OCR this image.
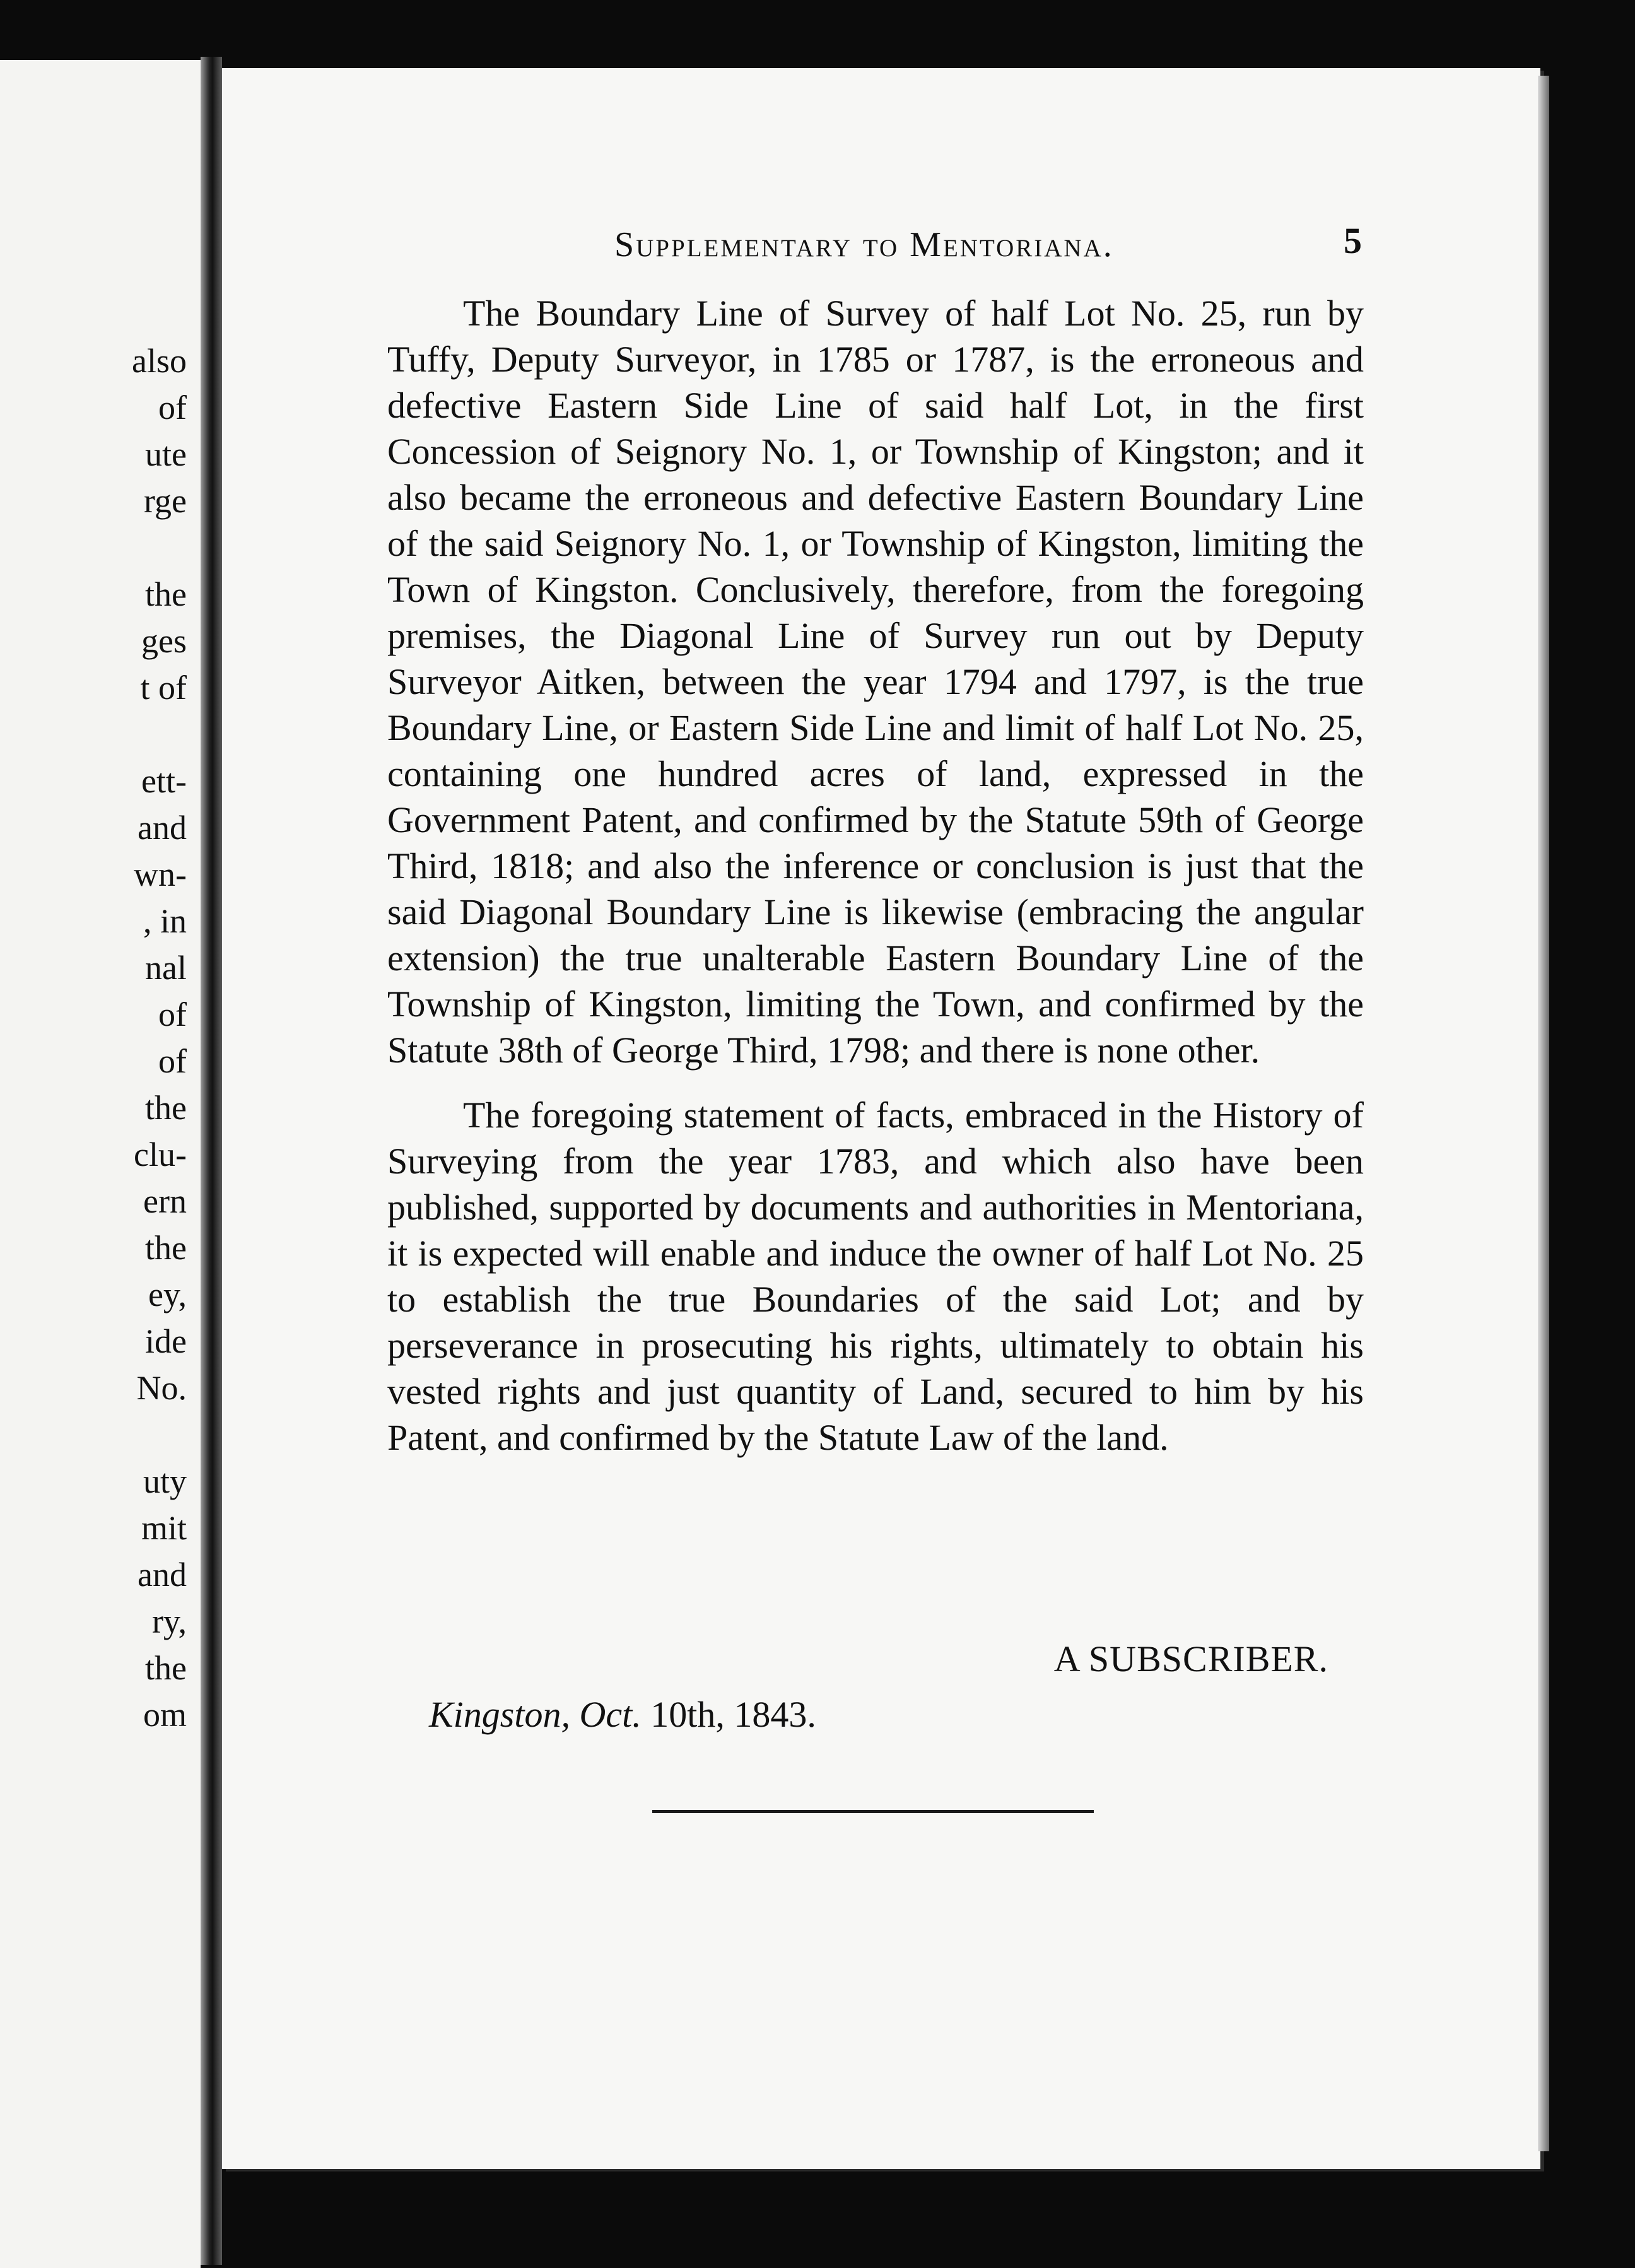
also
of
ute
rge

the
ges
t of

ett-
and
wn-
, in
nal
of
of
the
clu-
ern
the
ey,
ide
No.

uty
mit
and
ry,
the
om
Supplementary to Mentoriana.	5

The Boundary Line of Survey of half Lot No. 25, run by Tuffy, Deputy Surveyor, in 1785 or 1787, is the erroneous and defective Eastern Side Line of said half Lot, in the first Concession of Seignory No. 1, or Township of Kingston; and it also became the erroneous and defective Eastern Boundary Line of the said Seignory No. 1, or Township of Kingston, limiting the Town of Kingston. Conclusively, therefore, from the foregoing premises, the Diagonal Line of Survey run out by Deputy Surveyor Aitken, between the year 1794 and 1797, is the true Boundary Line, or Eastern Side Line and limit of half Lot No. 25, containing one hundred acres of land, expressed in the Government Patent, and confirmed by the Statute 59th of George Third, 1818; and also the inference or conclusion is just that the said Diagonal Boundary Line is likewise (embracing the angular extension) the true unalterable Eastern Boundary Line of the Township of Kingston, limiting the Town, and confirmed by the Statute 38th of George Third, 1798; and there is none other.

The foregoing statement of facts, embraced in the History of Surveying from the year 1783, and which also have been published, supported by documents and authorities in Mentoriana, it is expected will enable and induce the owner of half Lot No. 25 to establish the true Boundaries of the said Lot; and by perseverance in prosecuting his rights, ultimately to obtain his vested rights and just quantity of Land, secured to him by his Patent, and confirmed by the Statute Law of the land.

A SUBSCRIBER.
Kingston, Oct. 10th, 1843.
